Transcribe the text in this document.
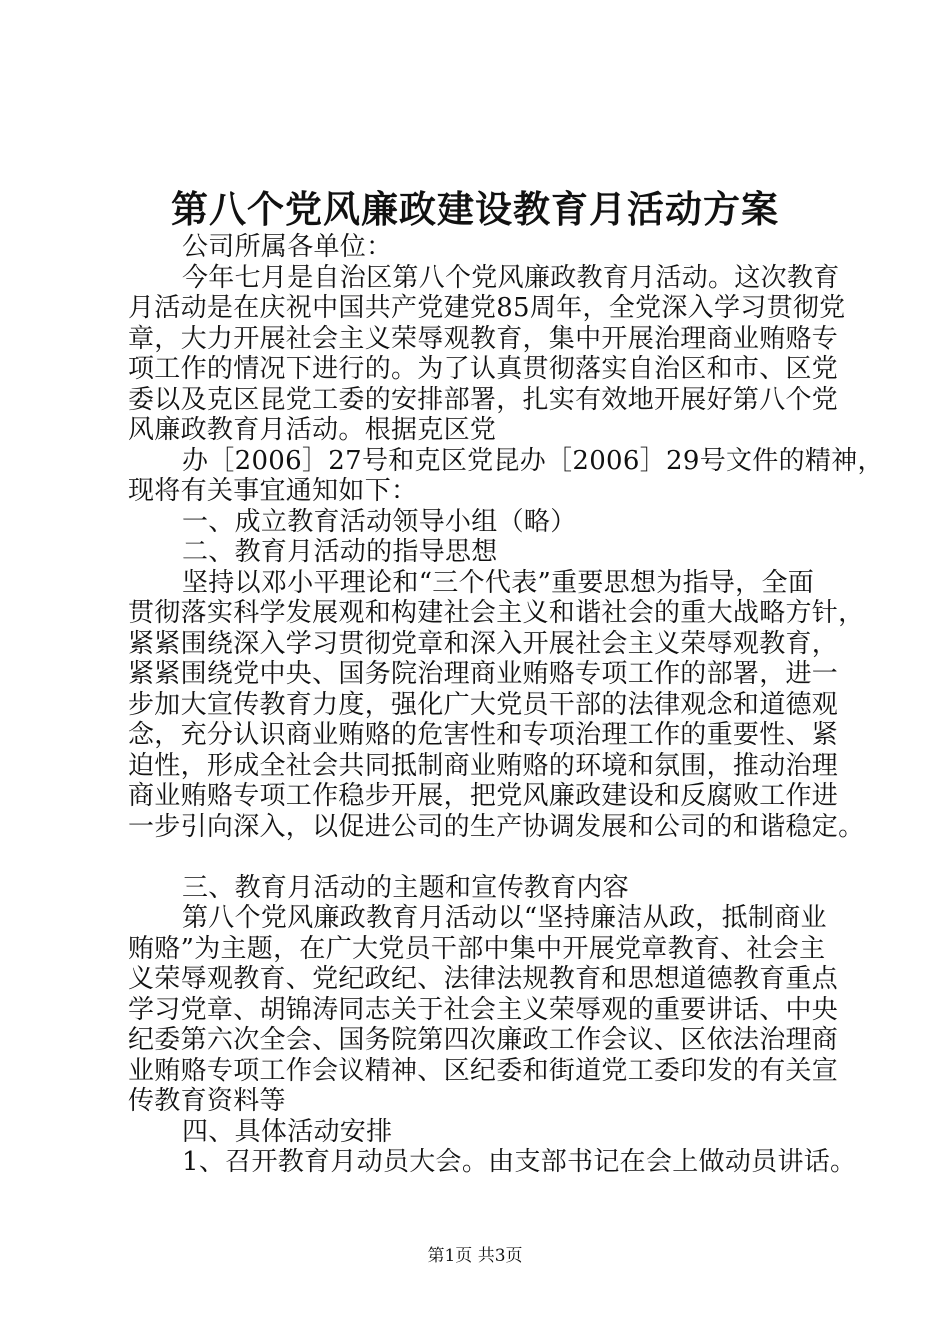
第八个党风廉政建设教育月活动方案
公司所属各单位：
今年七月是自治区第八个党风廉政教育月活动。这次教育
月活动是在庆祝中国共产党建党85周年，全党深入学习贯彻党
章，大力开展社会主义荣辱观教育，集中开展治理商业贿赂专
项工作的情况下进行的。为了认真贯彻落实自治区和市、区党
委以及克区昆党工委的安排部署，扎实有效地开展好第八个党
风廉政教育月活动。根据克区党
办［2006］27号和克区党昆办［2006］29号文件的精神，
现将有关事宜通知如下：
一、成立教育活动领导小组（略）
二、教育月活动的指导思想
坚持以邓小平理论和“三个代表”重要思想为指导，全面
贯彻落实科学发展观和构建社会主义和谐社会的重大战略方针，
紧紧围绕深入学习贯彻党章和深入开展社会主义荣辱观教育，
紧紧围绕党中央、国务院治理商业贿赂专项工作的部署，进一
步加大宣传教育力度，强化广大党员干部的法律观念和道德观
念，充分认识商业贿赂的危害性和专项治理工作的重要性、紧
迫性，形成全社会共同抵制商业贿赂的环境和氛围，推动治理
商业贿赂专项工作稳步开展，把党风廉政建设和反腐败工作进
一步引向深入，以促进公司的生产协调发展和公司的和谐稳定。
三、教育月活动的主题和宣传教育内容
第八个党风廉政教育月活动以“坚持廉洁从政，抵制商业
贿赂”为主题，在广大党员干部中集中开展党章教育、社会主
义荣辱观教育、党纪政纪、法律法规教育和思想道德教育重点
学习党章、胡锦涛同志关于社会主义荣辱观的重要讲话、中央
纪委第六次全会、国务院第四次廉政工作会议、区依法治理商
业贿赂专项工作会议精神、区纪委和街道党工委印发的有关宣
传教育资料等
四、具体活动安排
1、召开教育月动员大会。由支部书记在会上做动员讲话。
第1页 共3页
